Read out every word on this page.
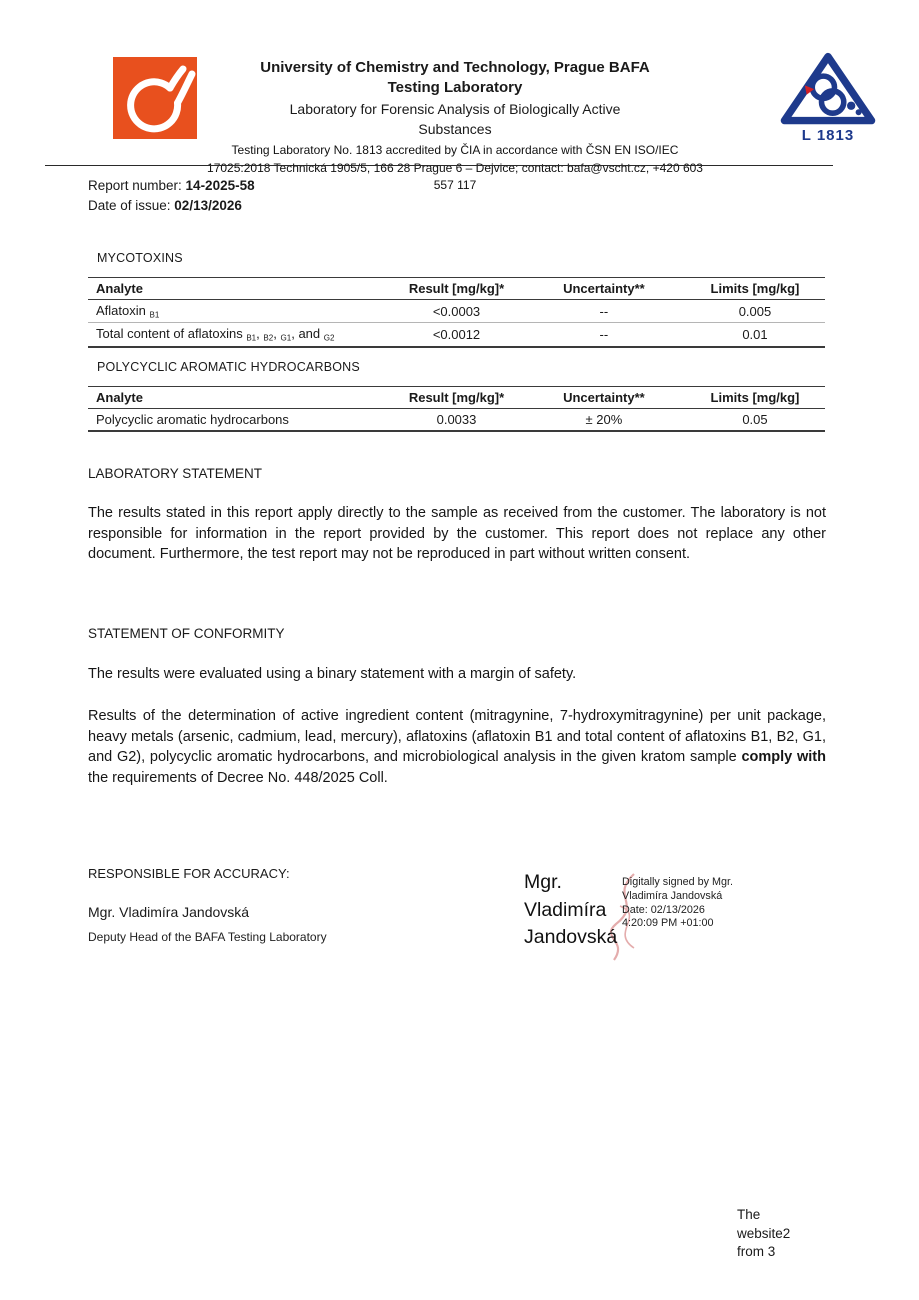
University of Chemistry and Technology, Prague BAFA
Testing Laboratory
Laboratory for Forensic Analysis of Biologically Active
Substances
Testing Laboratory No. 1813 accredited by ČIA in accordance with ČSN EN ISO/IEC
17025:2018 Technická 1905/5, 166 28 Prague 6 – Dejvice; contact: bafa@vscht.cz, +420 603
557 117
L 1813
Report number: 14-2025-58
Date of issue: 02/13/2026
MYCOTOXINS
Analyte	Result [mg/kg]*	Uncertainty**	Limits [mg/kg]
Aflatoxin $_{B1}$	<0.0003	--	0.005
Total content of aflatoxins $_{B1}$, $_{B2}$, $_{G1}$, and $_{G2}$	<0.0012	--	0.01
POLYCYCLIC AROMATIC HYDROCARBONS
Analyte	Result [mg/kg]*	Uncertainty**	Limits [mg/kg]
Polycyclic aromatic hydrocarbons	0.0033	± 20%	0.05
LABORATORY STATEMENT
The results stated in this report apply directly to the sample as received from the customer. The laboratory is not responsible for information in the report provided by the customer. This report does not replace any other document. Furthermore, the test report may not be reproduced in part without written consent.
STATEMENT OF CONFORMITY
The results were evaluated using a binary statement with a margin of safety.
Results of the determination of active ingredient content (mitragynine, 7-hydroxymitragynine) per unit package, heavy metals (arsenic, cadmium, lead, mercury), aflatoxins (aflatoxin B1 and total content of aflatoxins B1, B2, G1, and G2), polycyclic aromatic hydrocarbons, and microbiological analysis in the given kratom sample comply with the requirements of Decree No. 448/2025 Coll.
RESPONSIBLE FOR ACCURACY:
Mgr. Vladimíra Jandovská
Deputy Head of the BAFA Testing Laboratory
Mgr.
Vladimíra
Jandovská
Digitally signed by Mgr.
Vladimíra Jandovská
Date: 02/13/2026
4:20:09 PM +01:00
The
website2
from 3
